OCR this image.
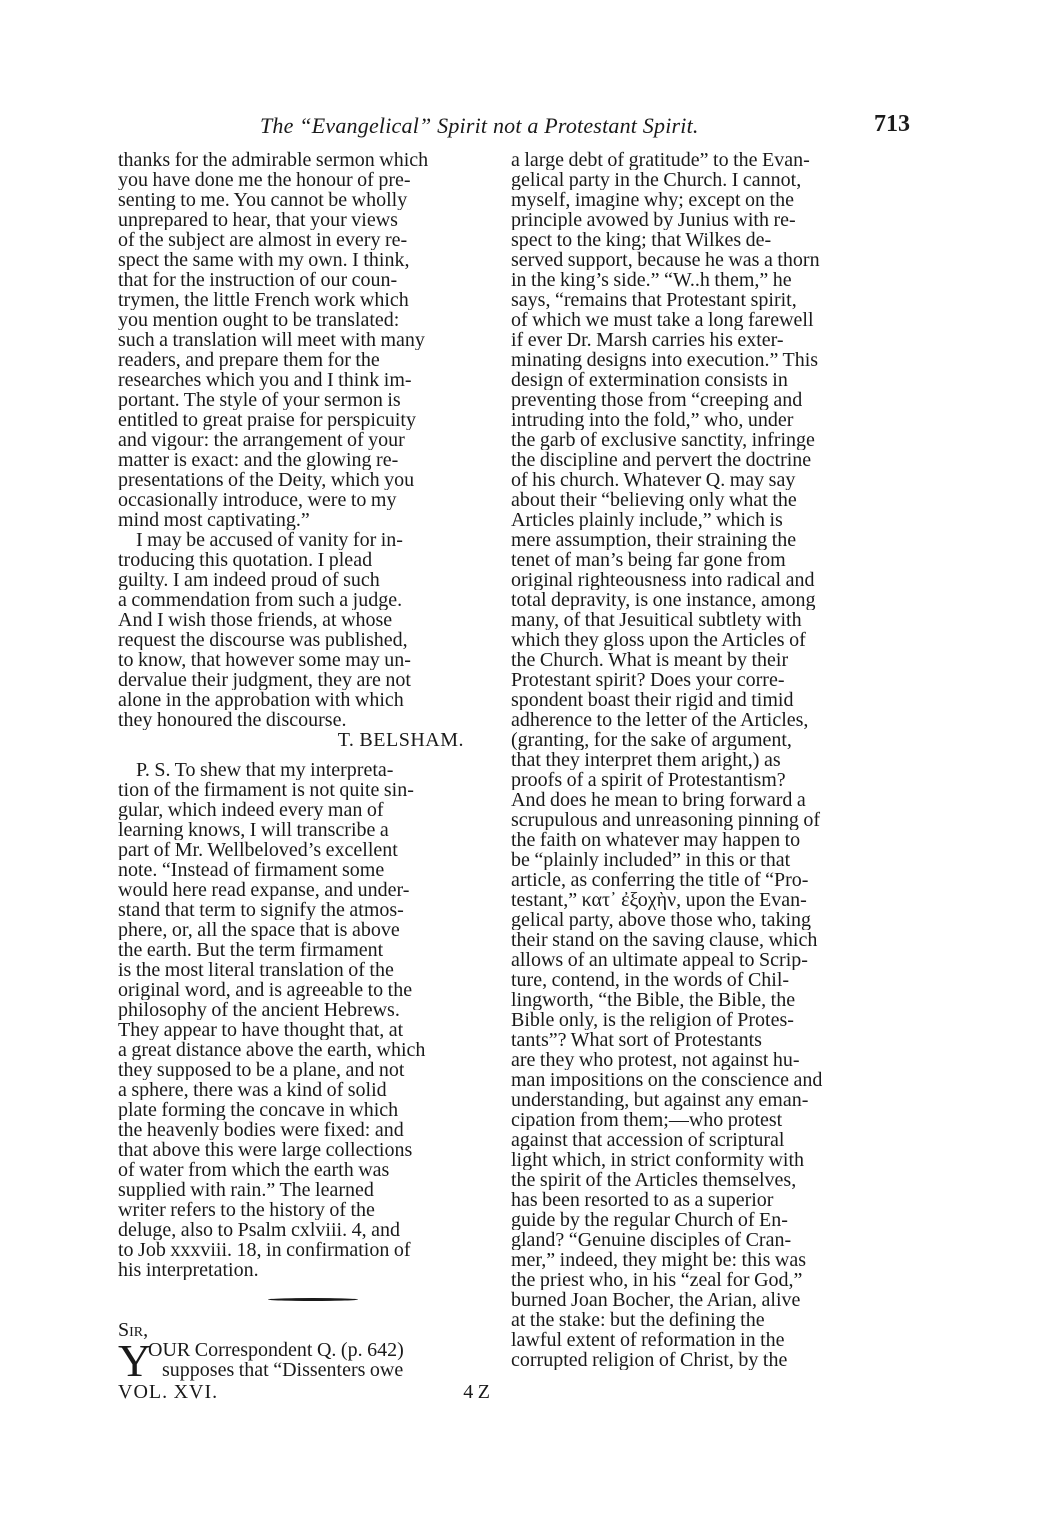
The “Evangelical” Spirit not a Protestant Spirit.	713
thanks for the admirable sermon which
you have done me the honour of pre-
senting to me. You cannot be wholly
unprepared to hear, that your views
of the subject are almost in every re-
spect the same with my own. I think,
that for the instruction of our coun-
trymen, the little French work which
you mention ought to be translated:
such a translation will meet with many
readers, and prepare them for the
researches which you and I think im-
portant. The style of your sermon is
entitled to great praise for perspicuity
and vigour: the arrangement of your
matter is exact: and the glowing re-
presentations of the Deity, which you
occasionally introduce, were to my
mind most captivating.”
I may be accused of vanity for in-
troducing this quotation. I plead
guilty. I am indeed proud of such
a commendation from such a judge.
And I wish those friends, at whose
request the discourse was published,
to know, that however some may un-
dervalue their judgment, they are not
alone in the approbation with which
they honoured the discourse.
T. BELSHAM.
P. S. To shew that my interpreta-
tion of the firmament is not quite sin-
gular, which indeed every man of
learning knows, I will transcribe a
part of Mr. Wellbeloved’s excellent
note. “Instead of firmament some
would here read expanse, and under-
stand that term to signify the atmos-
phere, or, all the space that is above
the earth. But the term firmament
is the most literal translation of the
original word, and is agreeable to the
philosophy of the ancient Hebrews.
They appear to have thought that, at
a great distance above the earth, which
they supposed to be a plane, and not
a sphere, there was a kind of solid
plate forming the concave in which
the heavenly bodies were fixed: and
that above this were large collections
of water from which the earth was
supplied with rain.” The learned
writer refers to the history of the
deluge, also to Psalm cxlviii. 4, and
to Job xxxviii. 18, in confirmation of
his interpretation.
Sir,
Y
OUR Correspondent Q. (p. 642)
supposes that “Dissenters owe
VOL. XVI.	4 Z
a large debt of gratitude” to the Evan-
gelical party in the Church. I cannot,
myself, imagine why; except on the
principle avowed by Junius with re-
spect to the king; that Wilkes de-
served support, because he was a thorn
in the king’s side.” “W..h them,” he
says, “remains that Protestant spirit,
of which we must take a long farewell
if ever Dr. Marsh carries his exter-
minating designs into execution.” This
design of extermination consists in
preventing those from “creeping and
intruding into the fold,” who, under
the garb of exclusive sanctity, infringe
the discipline and pervert the doctrine
of his church. Whatever Q. may say
about their “believing only what the
Articles plainly include,” which is
mere assumption, their straining the
tenet of man’s being far gone from
original righteousness into radical and
total depravity, is one instance, among
many, of that Jesuitical subtlety with
which they gloss upon the Articles of
the Church. What is meant by their
Protestant spirit? Does your corre-
spondent boast their rigid and timid
adherence to the letter of the Articles,
(granting, for the sake of argument,
that they interpret them aright,) as
proofs of a spirit of Protestantism?
And does he mean to bring forward a
scrupulous and unreasoning pinning of
the faith on whatever may happen to
be “plainly included” in this or that
article, as conferring the title of “Pro-
testant,” κατ᾽ ἐξοχὴν, upon the Evan-
gelical party, above those who, taking
their stand on the saving clause, which
allows of an ultimate appeal to Scrip-
ture, contend, in the words of Chil-
lingworth, “the Bible, the Bible, the
Bible only, is the religion of Protes-
tants”? What sort of Protestants
are they who protest, not against hu-
man impositions on the conscience and
understanding, but against any eman-
cipation from them;—who protest
against that accession of scriptural
light which, in strict conformity with
the spirit of the Articles themselves,
has been resorted to as a superior
guide by the regular Church of En-
gland? “Genuine disciples of Cran-
mer,” indeed, they might be: this was
the priest who, in his “zeal for God,”
burned Joan Bocher, the Arian, alive
at the stake: but the defining the
lawful extent of reformation in the
corrupted religion of Christ, by the
